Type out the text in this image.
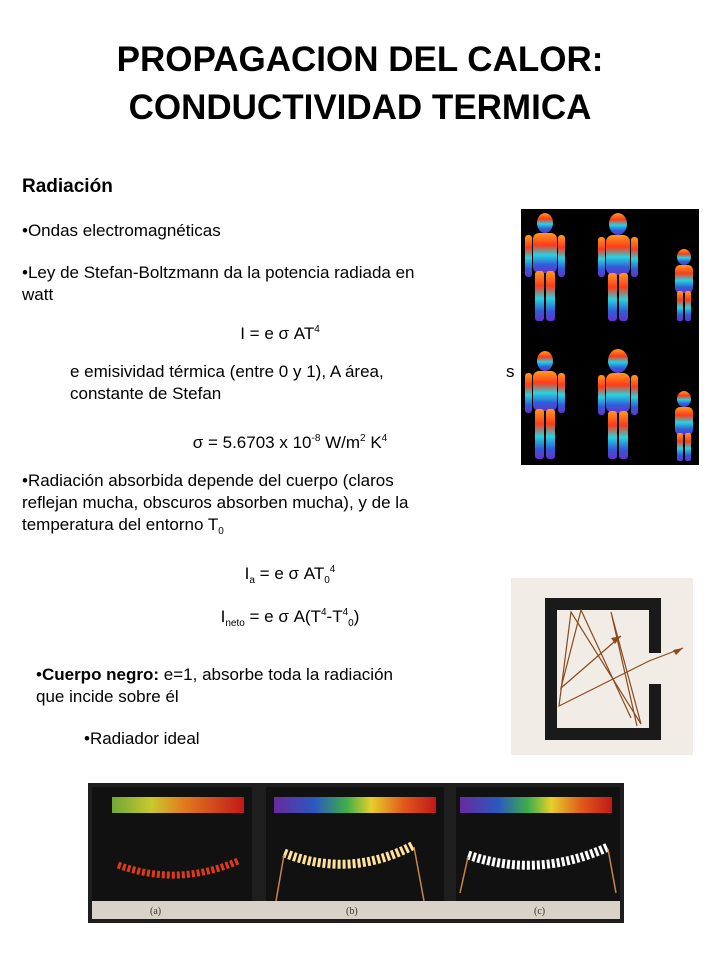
PROPAGACION DEL CALOR:
CONDUCTIVIDAD TERMICA
Radiación
•Ondas electromagnéticas
•Ley de Stefan-Boltzmann da la potencia radiada en
watt
I = e σ $AT^4$
e emisividad térmica (entre 0 y 1), A área,	s
constante de Stefan
σ = 5.6703 x $10^{-8}$ $W/m^2$ $K^4$
•Radiación absorbida depende del cuerpo (claros
reflejan mucha, obscuros absorben mucha), y de la
temperatura del entorno $T_0$
$I_a = e$ σ $AT_0^4$
$I_{neto} = e$ σ $A(T^4-T^4_0)$
•Cuerpo negro: e=1, absorbe toda la radiación
que incide sobre él
•Radiador ideal
(a)	(b)	(c)
